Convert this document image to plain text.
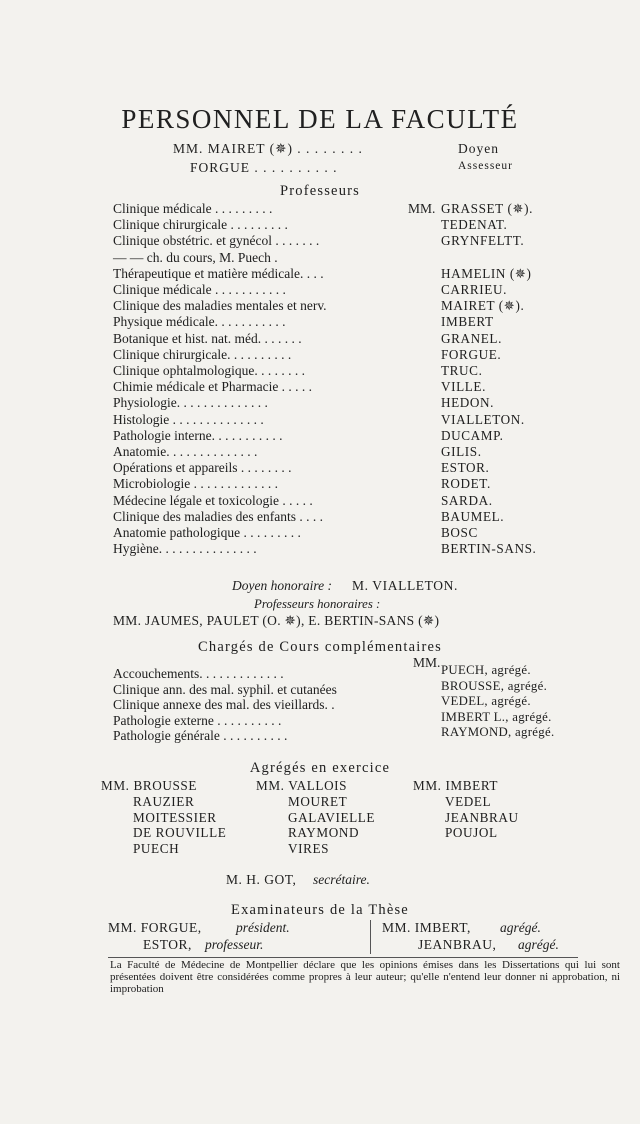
PERSONNEL DE LA FACULTÉ
MM. MAIRET (✵) . . . . . . . .	Doyen
FORGUE . . . . . . . . . .	Assesseur
Professeurs
Clinique médicale . . . . . . . . .	GRASSET (✵).
Clinique chirurgicale . . . . . . . . .	TEDENAT.
Clinique obstétric. et gynécol . . . . . . .	GRYNFELTT.
— — ch. du cours, M. Puech .
Thérapeutique et matière médicale. . . .	HAMELIN (✵)
Clinique médicale . . . . . . . . . . .	CARRIEU.
Clinique des maladies mentales et nerv.	MAIRET (✵).
Physique médicale. . . . . . . . . . .	IMBERT
Botanique et hist. nat. méd. . . . . . .	GRANEL.
Clinique chirurgicale. . . . . . . . . .	FORGUE.
Clinique ophtalmologique. . . . . . . .	TRUC.
Chimie médicale et Pharmacie . . . . .	VILLE.
Physiologie. . . . . . . . . . . . . .	HEDON.
Histologie . . . . . . . . . . . . . .	VIALLETON.
Pathologie interne. . . . . . . . . . .	DUCAMP.
Anatomie. . . . . . . . . . . . . .	GILIS.
Opérations et appareils . . . . . . . .	ESTOR.
Microbiologie . . . . . . . . . . . . .	RODET.
Médecine légale et toxicologie . . . . .	SARDA.
Clinique des maladies des enfants . . . .	BAUMEL.
Anatomie pathologique . . . . . . . . .	BOSC
Hygiène. . . . . . . . . . . . . . .	BERTIN-SANS.
MM.
Doyen honoraire : M. VIALLETON.
Professeurs honoraires :
MM. JAUMES, PAULET (O. ✵), E. BERTIN-SANS (✵)
Chargés de Cours complémentaires
MM.
Accouchements. . . . . . . . . . . . .	PUECH, agrégé.
Clinique ann. des mal. syphil. et cutanées	BROUSSE, agrégé.
Clinique annexe des mal. des vieillards. .	VEDEL, agrégé.
Pathologie externe . . . . . . . . . .	IMBERT L., agrégé.
Pathologie générale . . . . . . . . . .	RAYMOND, agrégé.
Agrégés en exercice
MM. BROUSSE
RAUZIER
MOITESSIER
DE ROUVILLE
PUECH
MM. VALLOIS
MOURET
GALAVIELLE
RAYMOND
VIRES
MM. IMBERT
VEDEL
JEANBRAU
POUJOL
M. H. GOT, secrétaire.
Examinateurs de la Thèse
MM. FORGUE,	président.
ESTOR, professeur.
MM. IMBERT, agrégé.
JEANBRAU, agrégé.
La Faculté de Médecine de Montpellier déclare que les opinions émises dans les Dissertations qui lui sont présentées doivent être considérées comme propres à leur auteur; qu'elle n'entend leur donner ni approbation, ni improbation
